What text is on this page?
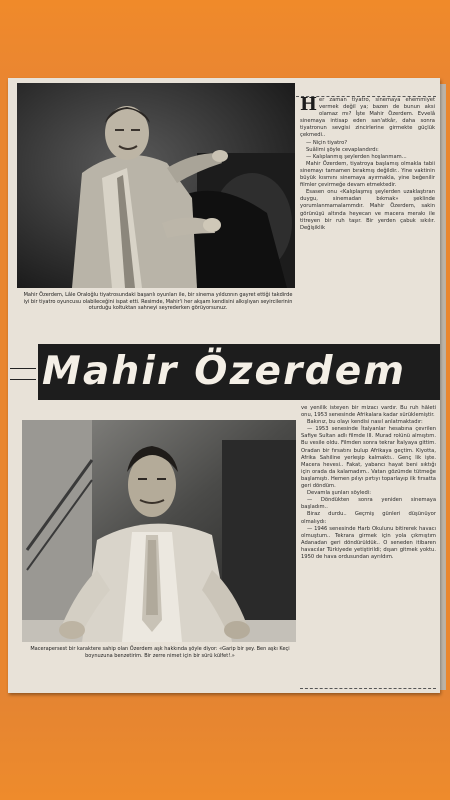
Mahir Özerdem, Lâle Oraloğlu tiyatrosundaki başarılı oyunları ile, bir sinema yıldızının gayret ettiği takdirde iyi bir tiyatro oyuncusu olabileceğini ispat etti. Resimde, Mahir'i her akşam kendisini alkışlıyan seyircilerinin oturduğu koltuktan sahneyi seyrederken görüyorsunuz.
H er zaman tiyatro, sinemaya ehemmiyet vermek değil ya; bazen de bunun aksi olamaz mı? İşte Mahir Özerdem. Evvelâ sinemaya intisap eden san'atkâr, daha sonra tiyatronun sevgisi zincirlerine girmekte güçlük çekmedi..

— Niçin tiyatro?

Suâlimi şöyle cevaplandırdı:

— Kalıplanmış şeylerden hoşlanmam...

Mahir Özerdem, tiyatroya başlamış olmakla tabii sinemayı tamamen bırakmış değildir.. Yine vaktinin büyük kısmını sinemaya ayırmakla, yine beğenilir filmler çevirmeğe devam etmektedir.

Esasen onu «Kalıplaşmış şeylerden uzaklaştıran duygu, sinemadan bıkmak» şeklinde yorumlanmamalammdır. Mahir Özerdem, sakin görünüşü altında heyecan ve macera merakı ile titreyen bir ruh taşır. Bir yerden çabuk sıkılır. Değişiklik

Mahir Özerdem
Macerapersest bir karaktere sahip olan Özerdem aşk hakkında şöyle diyor: «Garip bir şey. Ben aşkı Keçi boynuzuna benzetirim. Bir zerre nimet için bir sürü külfet!.»

ve yenilik isteyen bir mizacı vardır. Bu ruh hâleti onu, 1953 senesinde Afrikalara kadar sürüklemiştir.

Bakınız, bu olayı kendisi nasıl anlatmaktadır:

— 1953 senesinde İtalyanlar hesabına çevrilen Safiye Sultan adlı filmde III. Murad rolünü almıştım. Bu vesile oldu. Filmden sonra tekrar İtalyaya gittim. Oradan bir fırsatını bulup Afrikaya geçtim. Kiyotta, Afrika Sahiline yerleşip kalmaktı.. Genç lik işte. Macera hevesi.. Fakat, yabancı hayat beni sıktığı için orada da kalamadım.. Vatan gözümde tütmeğe başlamıştı. Hemen pılıyı pırtıyı toparlayıp ilk fırsatta geri döndüm.

Devamla şunları söyledi:

— Döndükten sonra yeniden sinemaya başladım..

Biraz durdu.. Geçmiş günleri düşünüyor olmalıydı:

— 1946 senesinde Harb Okulunu bitirerek havacı olmuştum.. Tekrara girmek için yola çıkmıştım Adanadan geri döndürüldük.. O seneden itibaren havacılar Türkiyede yetiştirildi; dışarı gitmek yoktu. 1950 de hava ordusundan ayrıldım.
